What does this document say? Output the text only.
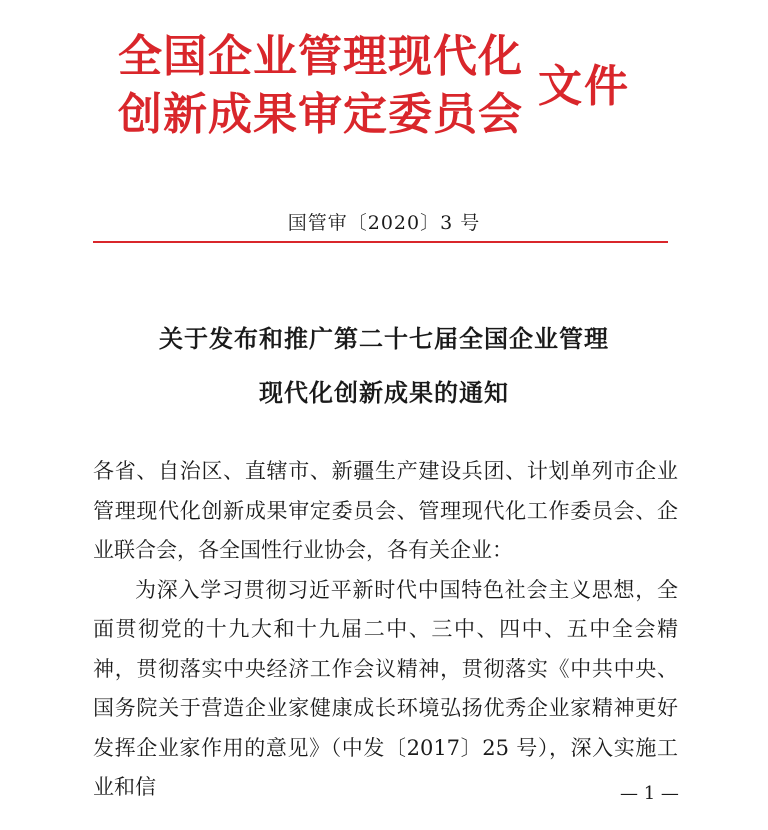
全国企业管理现代化
创新成果审定委员会
文件
国管审〔2020〕3 号
关于发布和推广第二十七届全国企业管理
现代化创新成果的通知

各省、自治区、直辖市、新疆生产建设兵团、计划单列市企业管理现代化创新成果审定委员会、管理现代化工作委员会、企业联合会，各全国性行业协会，各有关企业：

为深入学习贯彻习近平新时代中国特色社会主义思想，全面贯彻党的十九大和十九届二中、三中、四中、五中全会精神，贯彻落实中央经济工作会议精神，贯彻落实《中共中央、国务院关于营造企业家健康成长环境弘扬优秀企业家精神更好发挥企业家作用的意见》（中发〔2017〕25 号），深入实施工业和信	— 1 —
